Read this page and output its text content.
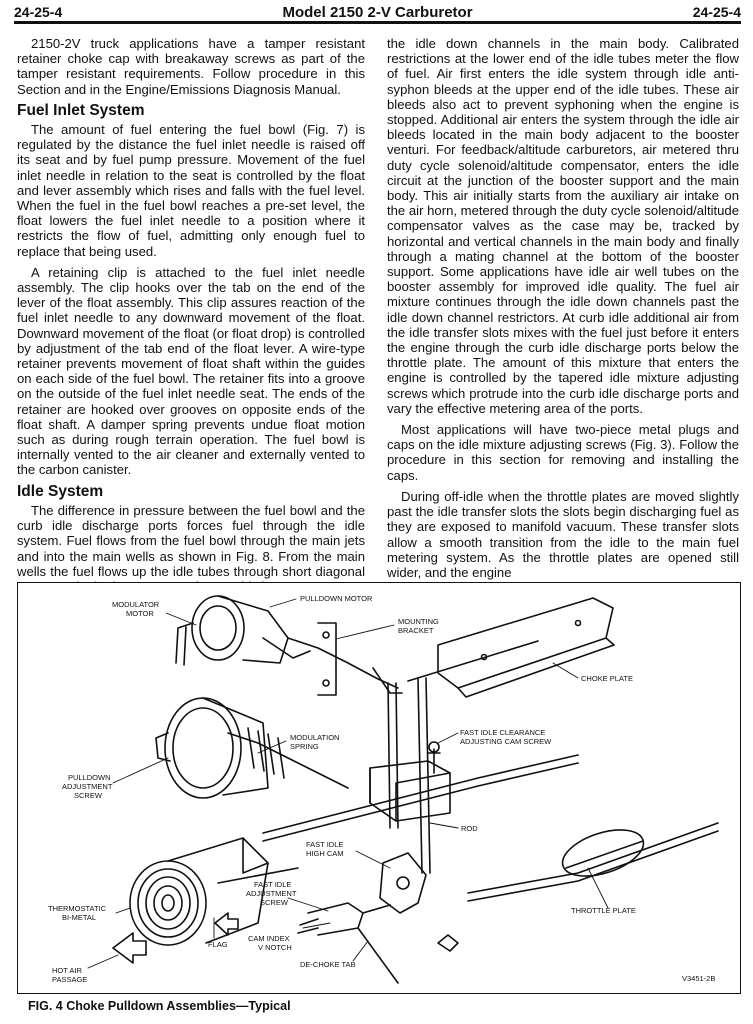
24-25-4	Model 2150 2-V Carburetor	24-25-4

2150-2V truck applications have a tamper resistant retainer choke cap with breakaway screws as part of the tamper resistant requirements. Follow procedure in this Section and in the Engine/Emissions Diagnosis Manual.

Fuel Inlet System

The amount of fuel entering the fuel bowl (Fig. 7) is regulated by the distance the fuel inlet needle is raised off its seat and by fuel pump pressure. Movement of the fuel inlet needle in relation to the seat is controlled by the float and lever assembly which rises and falls with the fuel level. When the fuel in the fuel bowl reaches a pre-set level, the float lowers the fuel inlet needle to a position where it restricts the flow of fuel, admitting only enough fuel to replace that being used.

A retaining clip is attached to the fuel inlet needle assembly. The clip hooks over the tab on the end of the lever of the float assembly. This clip assures reaction of the fuel inlet needle to any downward movement of the float. Downward movement of the float (or float drop) is controlled by adjustment of the tab end of the float lever. A wire-type retainer prevents movement of float shaft within the guides on each side of the fuel bowl. The retainer fits into a groove on the outside of the fuel inlet needle seat. The ends of the retainer are hooked over grooves on opposite ends of the float shaft. A damper spring prevents undue float motion such as during rough terrain operation. The fuel bowl is internally vented to the air cleaner and externally vented to the carbon canister.

Idle System

The difference in pressure between the fuel bowl and the curb idle discharge ports forces fuel through the idle system. Fuel flows from the fuel bowl through the main jets and into the main wells as shown in Fig. 8. From the main wells the fuel flows up the idle tubes through short diagonal

the idle down channels in the main body. Calibrated restrictions at the lower end of the idle tubes meter the flow of fuel. Air first enters the idle system through idle anti-syphon bleeds at the upper end of the idle tubes. These air bleeds also act to prevent syphoning when the engine is stopped. Additional air enters the system through the idle air bleeds located in the main body adjacent to the booster venturi. For feedback/altitude carburetors, air metered thru duty cycle solenoid/altitude compensator, enters the idle circuit at the junction of the booster support and the main body. This air initially starts from the auxiliary air intake on the air horn, metered through the duty cycle solenoid/altitude compensator valves as the case may be, tracked by horizontal and vertical channels in the main body and finally through a mating channel at the bottom of the booster support. Some applications have idle air well tubes on the booster assembly for improved idle quality. The fuel air mixture continues through the idle down channels past the idle down channel restrictors. At curb idle additional air from the idle transfer slots mixes with the fuel just before it enters the engine through the curb idle discharge ports below the throttle plate. The amount of this mixture that enters the engine is controlled by the tapered idle mixture adjusting screws which protrude into the curb idle discharge ports and vary the effective metering area of the ports.

Most applications will have two-piece metal plugs and caps on the idle mixture adjusting screws (Fig. 3). Follow the procedure in this section for removing and installing the caps.

During off-idle when the throttle plates are moved slightly past the idle transfer slots the slots begin discharging fuel as they are exposed to manifold vacuum. These transfer slots allow a smooth transition from the idle to the main fuel metering system. As the throttle plates are opened still wider, and the engine

MODULATOR
MOTOR
PULLDOWN MOTOR
MOUNTING
BRACKET
CHOKE PLATE
MODULATION
SPRING
FAST IDLE CLEARANCE
ADJUSTING CAM SCREW
PULLDOWN
ADJUSTMENT
SCREW
ROD
FAST IDLE
HIGH CAM
THERMOSTATIC
BI-METAL
FAST IDLE
ADJUSTMENT
SCREW
THROTTLE PLATE
FLAG
CAM INDEX
V NOTCH
DE-CHOKE TAB
HOT AIR
PASSAGE	V3451-2B
FIG. 4 Choke Pulldown Assemblies—Typical
